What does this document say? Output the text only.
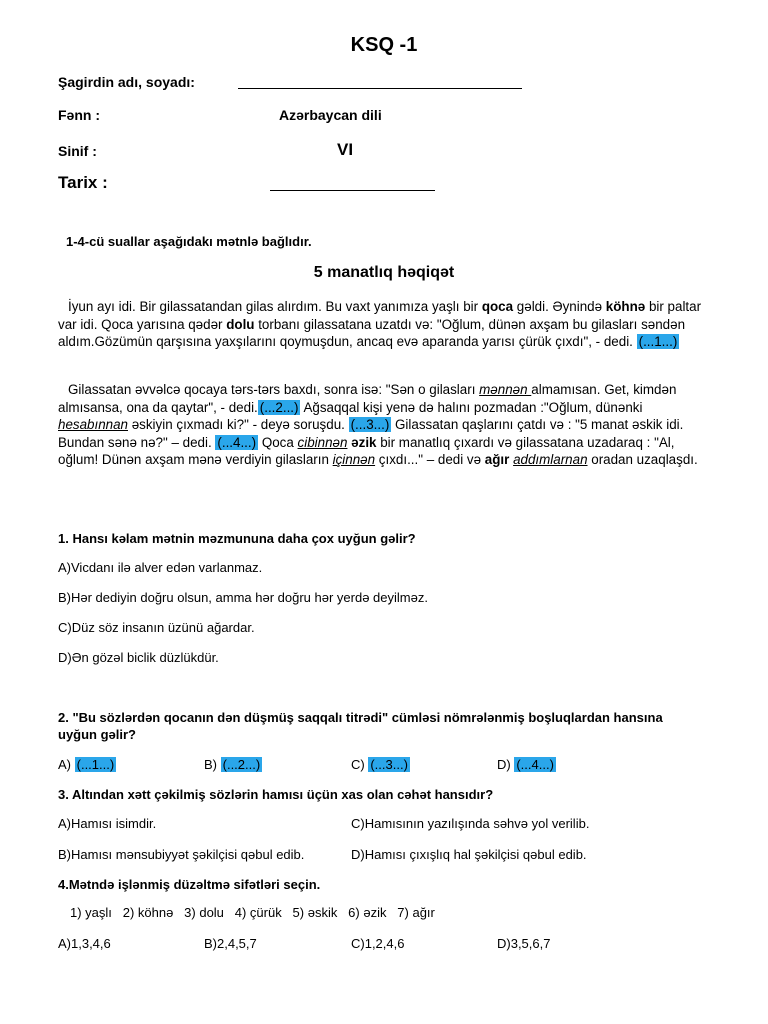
KSQ -1
Şagirdin adı, soyadı:
Fənn :	Azərbaycan dili
Sinif :	VI
Tarix :
1-4-cü suallar aşağıdakı mətnlə bağlıdır.
5 manatlıq həqiqət

İyun ayı idi. Bir gilassatandan gilas alırdım. Bu vaxt yanımıza yaşlı bir qoca gəldi. Əynində köhnə bir paltar var idi. Qoca yarısına qədər dolu torbanı gilassatana uzatdı və: "Oğlum, dünən axşam bu gilasları səndən aldım.Gözümün qarşısına yaxşılarını qoymuşdun, ancaq evə aparanda yarısı çürük çıxdı", - dedi. (...1...)

Gilassatan əvvəlcə qocaya tərs-tərs baxdı, sonra isə: "Sən o gilasları mənnən almamısan. Get, kimdən almısansa, ona da qaytar", - dedi. (...2...) Ağsaqqal kişi yenə də halını pozmadan :"Oğlum, dünənki hesabınnan əskiyin çıxmadı ki?" - deyə soruşdu. (...3...) Gilassatan qaşlarını çatdı və : "5 manat əskik idi. Bundan sənə nə?" – dedi. (...4...) Qoca cibinnən əzik bir manatlıq çıxardı və gilassatana uzadaraq : "Al, oğlum! Dünən axşam mənə verdiyin gilasların içinnən çıxdı..." – dedi və ağır addımlarnan oradan uzaqlaşdı.

1. Hansı kəlam mətnin məzmununa daha çox uyğun gəlir?
A)Vicdanı ilə alver edən varlanmaz.
B)Hər dediyin doğru olsun, amma hər doğru hər yerdə deyilməz.
C)Düz söz insanın üzünü ağardar.
D)Ən gözəl biclik düzlükdür.
2. "Bu sözlərdən qocanın dən düşmüş saqqalı titrədi" cümləsi nömrələnmiş boşluqlardan hansına uyğun gəlir?
A) (...1...)	B) (...2...)	C) (...3...)	D) (...4...)
3. Altından xətt çəkilmiş sözlərin hamısı üçün xas olan cəhət hansıdır?
A)Hamısı isimdir.	C)Hamısının yazılışında səhvə yol verilib.
B)Hamısı mənsubiyyət şəkilçisi qəbul edib.	D)Hamısı çıxışlıq hal şəkilçisi qəbul edib.
4.Mətndə işlənmiş düzəltmə sifətləri seçin.
1) yaşlı   2) köhnə   3) dolu   4) çürük   5) əskik   6) əzik   7) ağır
A)1,3,4,6	B)2,4,5,7	C)1,2,4,6	D)3,5,6,7
